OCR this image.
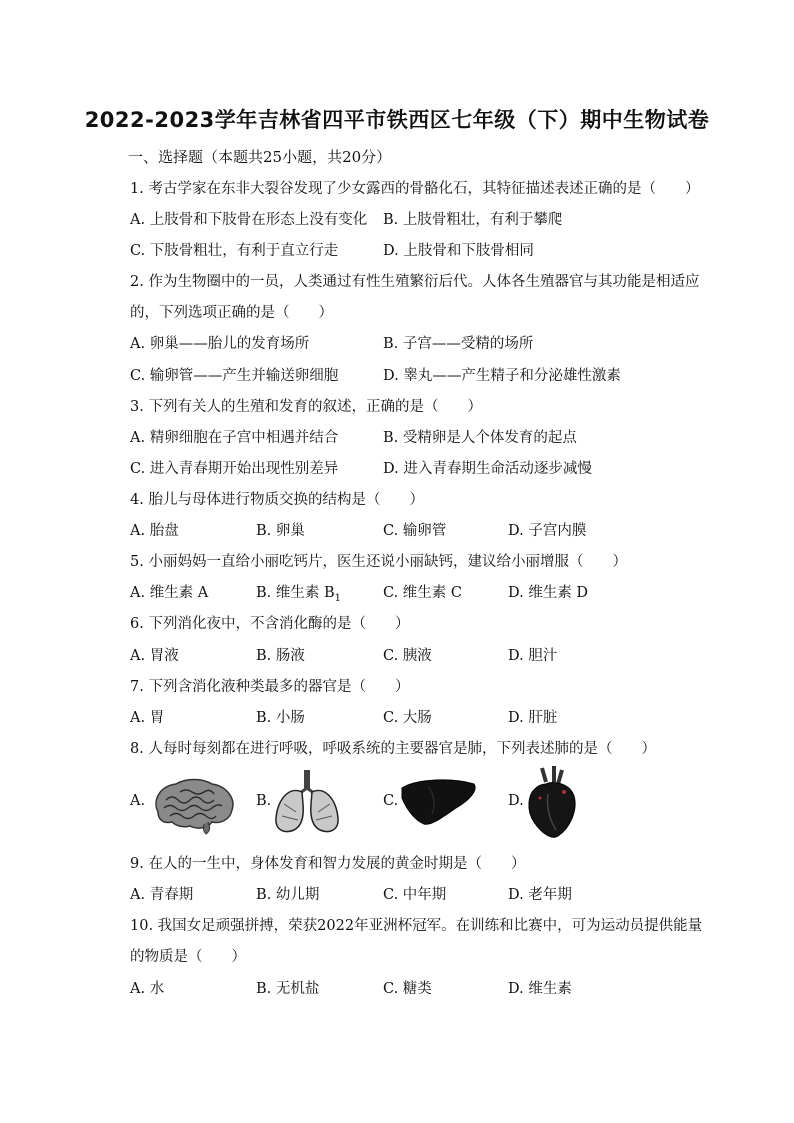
2022-2023学年吉林省四平市铁西区七年级（下）期中生物试卷
一、选择题（本题共25小题，共20分）
1. 考古学家在东非大裂谷发现了少女露西的骨骼化石，其特征描述表述正确的是（　　）
A. 上肢骨和下肢骨在形态上没有变化 B. 上肢骨粗壮，有利于攀爬
C. 下肢骨粗壮，有利于直立行走	D. 上肢骨和下肢骨相同
2. 作为生物圈中的一员，人类通过有性生殖繁衍后代。人体各生殖器官与其功能是相适应
的，下列选项正确的是（　　）
A. 卵巢——胎儿的发育场所	B. 子宫——受精的场所
C. 输卵管——产生并输送卵细胞	D. 睾丸——产生精子和分泌雄性激素
3. 下列有关人的生殖和发育的叙述，正确的是（　　）
A. 精卵细胞在子宫中相遇并结合	B. 受精卵是人个体发育的起点
C. 进入青春期开始出现性别差异	D. 进入青春期生命活动逐步减慢
4. 胎儿与母体进行物质交换的结构是（　　）
A. 胎盘	B. 卵巢	C. 输卵管	D. 子宫内膜
5. 小丽妈妈一直给小丽吃钙片，医生还说小丽缺钙，建议给小丽增服（　　）
A. 维生素 A	B. 维生素 $B_1$	C. 维生素 C	D. 维生素 D
6. 下列消化夜中，不含消化酶的是（　　）
A. 胃液	B. 肠液	C. 胰液	D. 胆汁
7. 下列含消化液种类最多的器官是（　　）
A. 胃	B. 小肠	C. 大肠	D. 肝脏
8. 人每时每刻都在进行呼吸，呼吸系统的主要器官是肺，下列表述肺的是（　　）
A.	B.	C.	D.
9. 在人的一生中，身体发育和智力发展的黄金时期是（　　）
A. 青春期	B. 幼儿期	C. 中年期	D. 老年期
10. 我国女足顽强拼搏，荣获2022年亚洲杯冠军。在训练和比赛中，可为运动员提供能量
的物质是（　　）
A. 水	B. 无机盐	C. 糖类	D. 维生素
